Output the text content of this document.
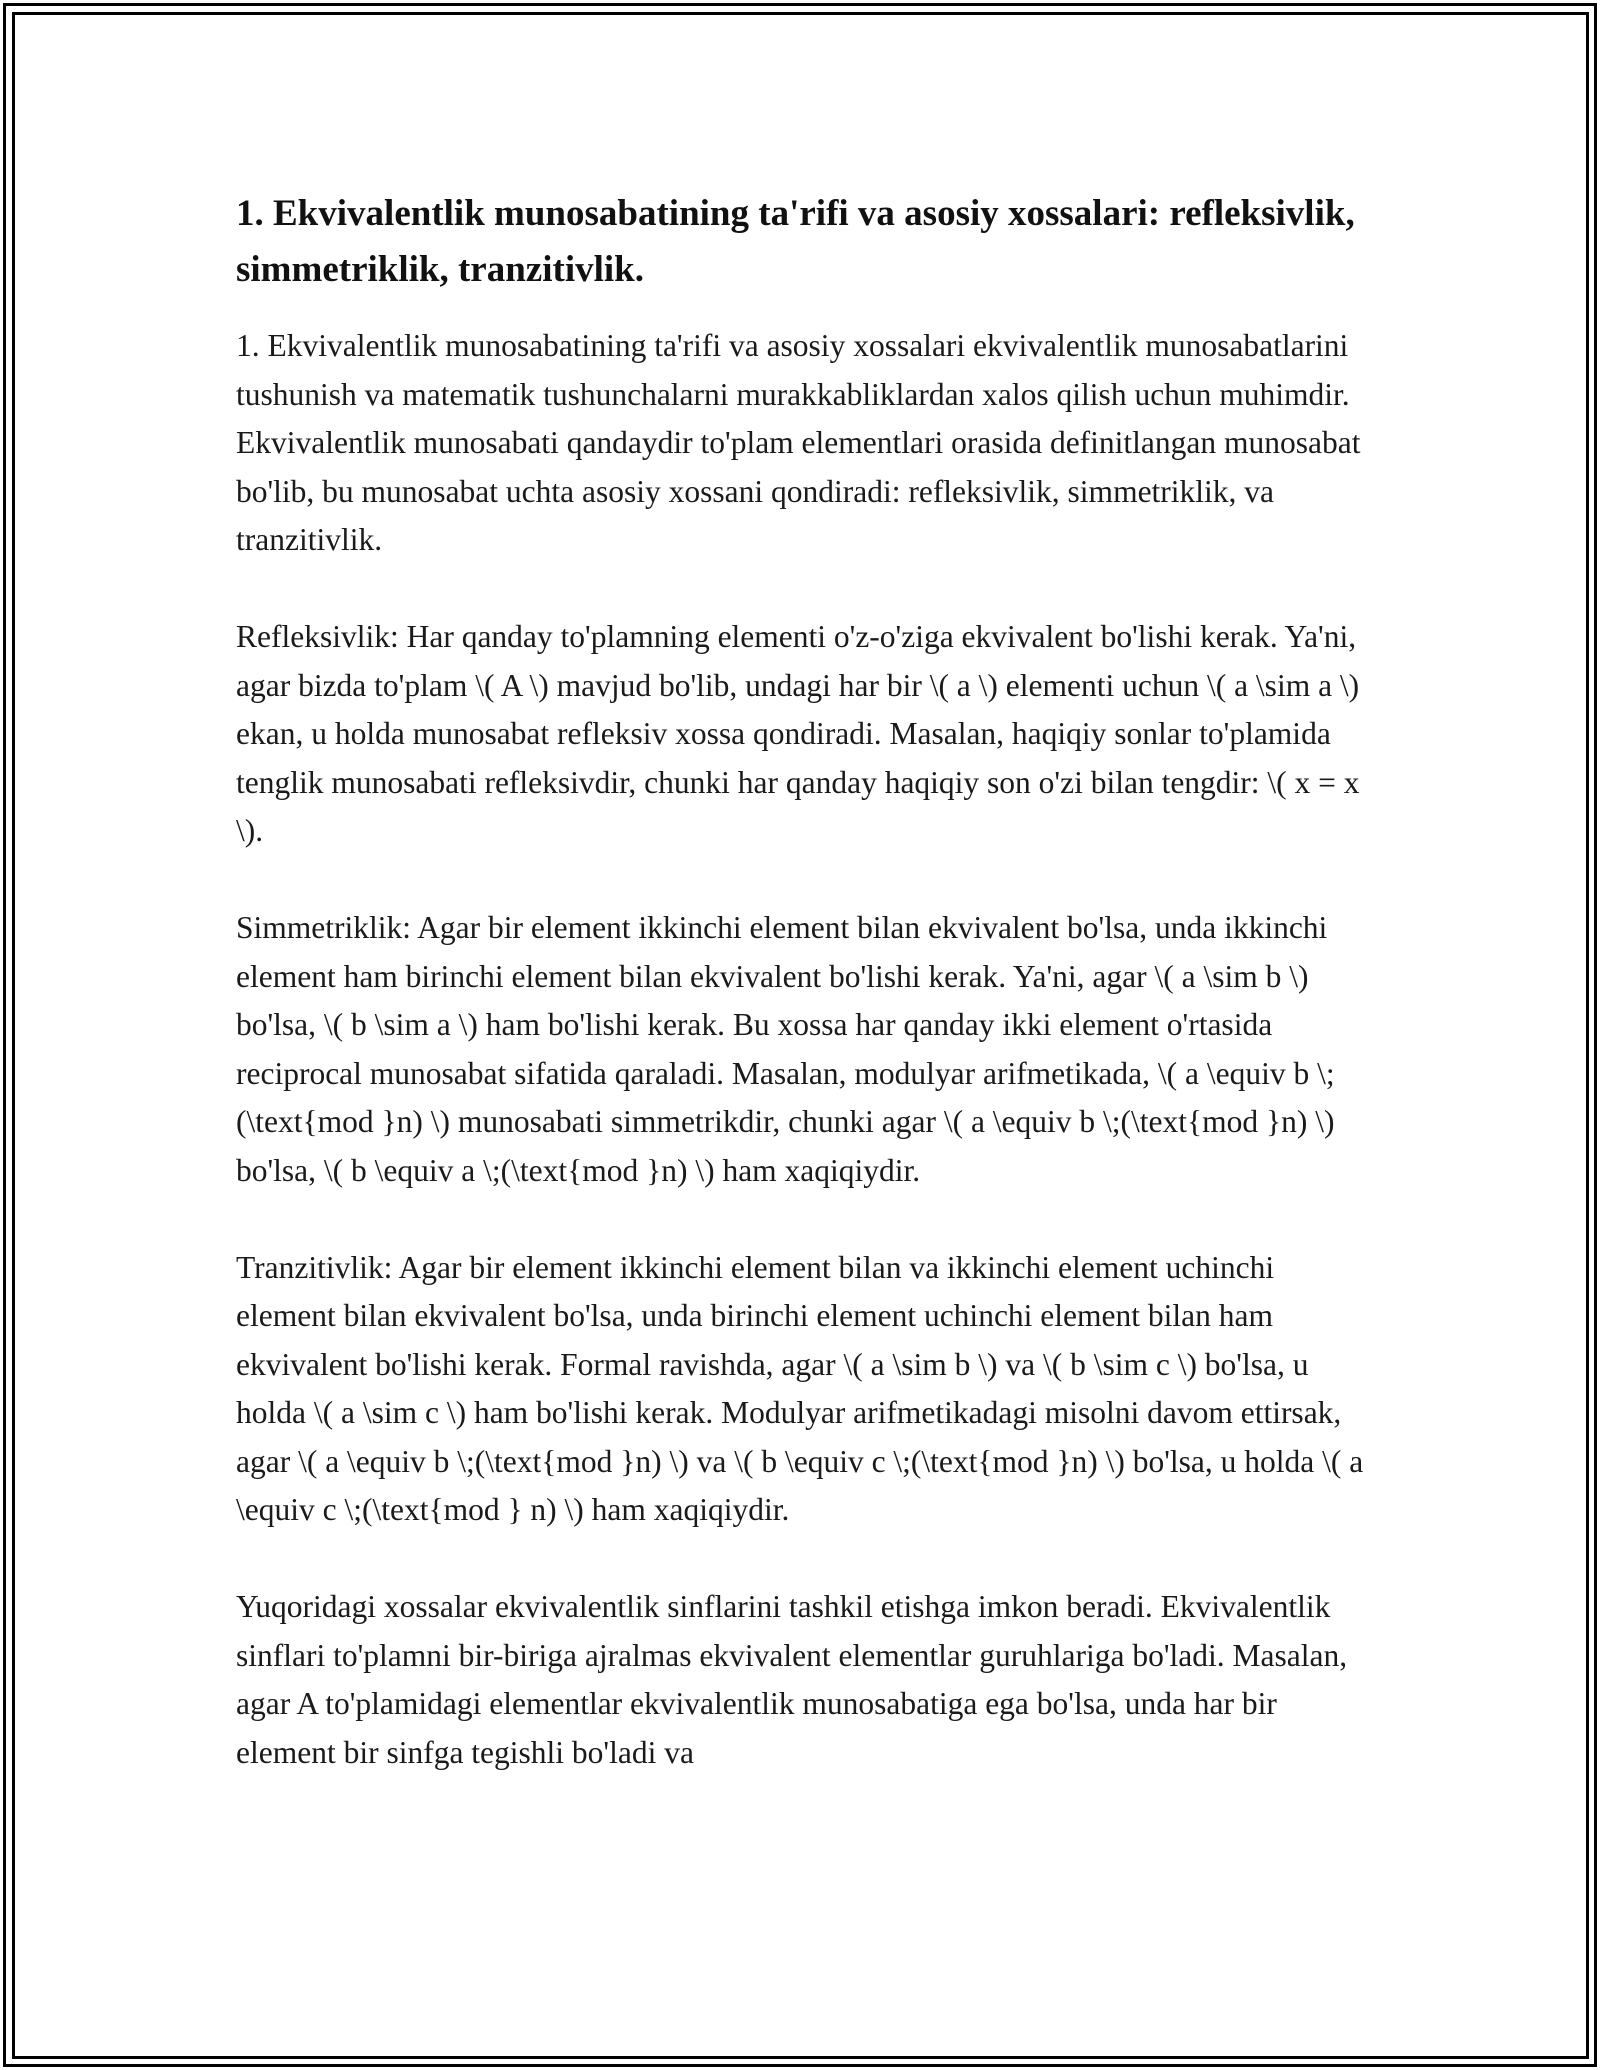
1. Ekvivalentlik munosabatining ta'rifi va asosiy xossalari: refleksivlik, simmetriklik, tranzitivlik.

1. Ekvivalentlik munosabatining ta'rifi va asosiy xossalari ekvivalentlik munosabatlarini tushunish va matematik tushunchalarni murakkabliklardan xalos qilish uchun muhimdir. Ekvivalentlik munosabati qandaydir to'plam elementlari orasida definitlangan munosabat bo'lib, bu munosabat uchta asosiy xossani qondiradi: refleksivlik, simmetriklik, va tranzitivlik.

Refleksivlik: Har qanday to'plamning elementi o'z-o'ziga ekvivalent bo'lishi kerak. Ya'ni, agar bizda to'plam \( A \) mavjud bo'lib, undagi har bir \( a \) elementi uchun \( a \sim a \) ekan, u holda munosabat refleksiv xossa qondiradi. Masalan, haqiqiy sonlar to'plamida tenglik munosabati refleksivdir, chunki har qanday haqiqiy son o'zi bilan tengdir: \( x = x \).

Simmetriklik: Agar bir element ikkinchi element bilan ekvivalent bo'lsa, unda ikkinchi element ham birinchi element bilan ekvivalent bo'lishi kerak. Ya'ni, agar \( a \sim b \) bo'lsa, \( b \sim a \) ham bo'lishi kerak. Bu xossa har qanday ikki element o'rtasida reciprocal munosabat sifatida qaraladi. Masalan, modulyar arifmetikada, \( a \equiv b \;(\text{mod }n) \) munosabati simmetrikdir, chunki agar \( a \equiv b \;(\text{mod }n) \) bo'lsa, \( b \equiv a \;(\text{mod }n) \) ham xaqiqiydir.

Tranzitivlik: Agar bir element ikkinchi element bilan va ikkinchi element uchinchi element bilan ekvivalent bo'lsa, unda birinchi element uchinchi element bilan ham ekvivalent bo'lishi kerak. Formal ravishda, agar \( a \sim b \) va \( b \sim c \) bo'lsa, u holda \( a \sim c \) ham bo'lishi kerak. Modulyar arifmetikadagi misolni davom ettirsak, agar \( a \equiv b \;(\text{mod }n) \) va \( b \equiv c \;(\text{mod }n) \) bo'lsa, u holda \( a \equiv c \;(\text{mod } n) \) ham xaqiqiydir.

Yuqoridagi xossalar ekvivalentlik sinflarini tashkil etishga imkon beradi. Ekvivalentlik sinflari to'plamni bir-biriga ajralmas ekvivalent elementlar guruhlariga bo'ladi. Masalan, agar A to'plamidagi elementlar ekvivalentlik munosabatiga ega bo'lsa, unda har bir element bir sinfga tegishli bo'ladi va
